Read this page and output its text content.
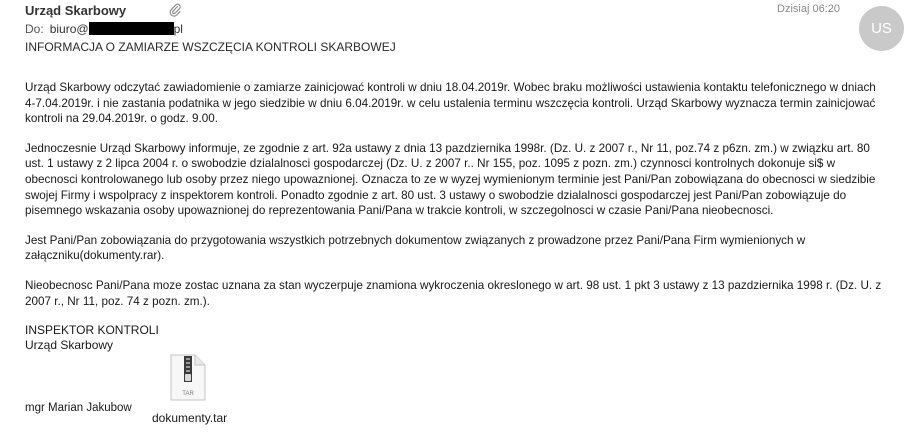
Urząd Skarbowy
Do: biuro@	pl
INFORMACJA O ZAMIARZE WSZCZĘCIA KONTROLI SKARBOWEJ
Dzisiaj 06:20
US

Urząd Skarbowy odczytać zawiadomienie o zamiarze zainicjować kontroli w dniu 18.04.2019r. Wobec braku możliwości ustawienia kontaktu telefonicznego w dniach 4-7.04.2019r. i nie zastania podatnika w jego siedzibie w dniu 6.04.2019r. w celu ustalenia terminu wszczęcia kontroli. Urząd Skarbowy wyznacza termin zainicjować kontroli na 29.04.2019r. o godz. 9.00.

Jednoczesnie Urząd Skarbowy informuje, ze zgodnie z art. 92a ustawy z dnia 13 pazdziernika 1998r. (Dz. U. z 2007 r., Nr 11, poz.74 z p6zn. zm.) w związku art. 80 ust. 1 ustawy z 2 lipca 2004 r. o swobodzie dzialalnosci gospodarczej (Dz. U. z 2007 r.. Nr 155, poz. 1095 z pozn. zm.) czynnosci kontrolnych dokonuje si$ w obecnosci kontrolowanego lub osoby przez niego upowaznionej. Oznacza to ze w wyzej wymienionym terminie jest Pani/Pan zobowiązana do obecnosci w siedzibie swojej Firmy i wspolpracy z inspektorem kontroli. Ponadto zgodnie z art. 80 ust. 3 ustawy o swobodzie dzialalnosci gospodarczej jest Pani/Pan zobowiązuje do pisemnego wskazania osoby upowaznionej do reprezentowania Pani/Pana w trakcie kontroli, w szczegolnosci w czasie Pani/Pana nieobecnosci.

Jest Pani/Pan zobowiązania do przygotowania wszystkich potrzebnych dokumentow związanych z prowadzone przez Pani/Pana Firm wymienionych w załączniku(dokumenty.rar).

Nieobecnosc Pani/Pana moze zostac uznana za stan wyczerpuje znamiona wykroczenia okreslonego w art. 98 ust. 1 pkt 3 ustawy z 13 pazdziernika 1998 r. (Dz. U. z 2007 r., Nr 11, poz. 74 z pozn. zm.).

INSPEKTOR KONTROLI
Urząd Skarbowy
mgr Marian Jakubow
TAR
dokumenty.tar
